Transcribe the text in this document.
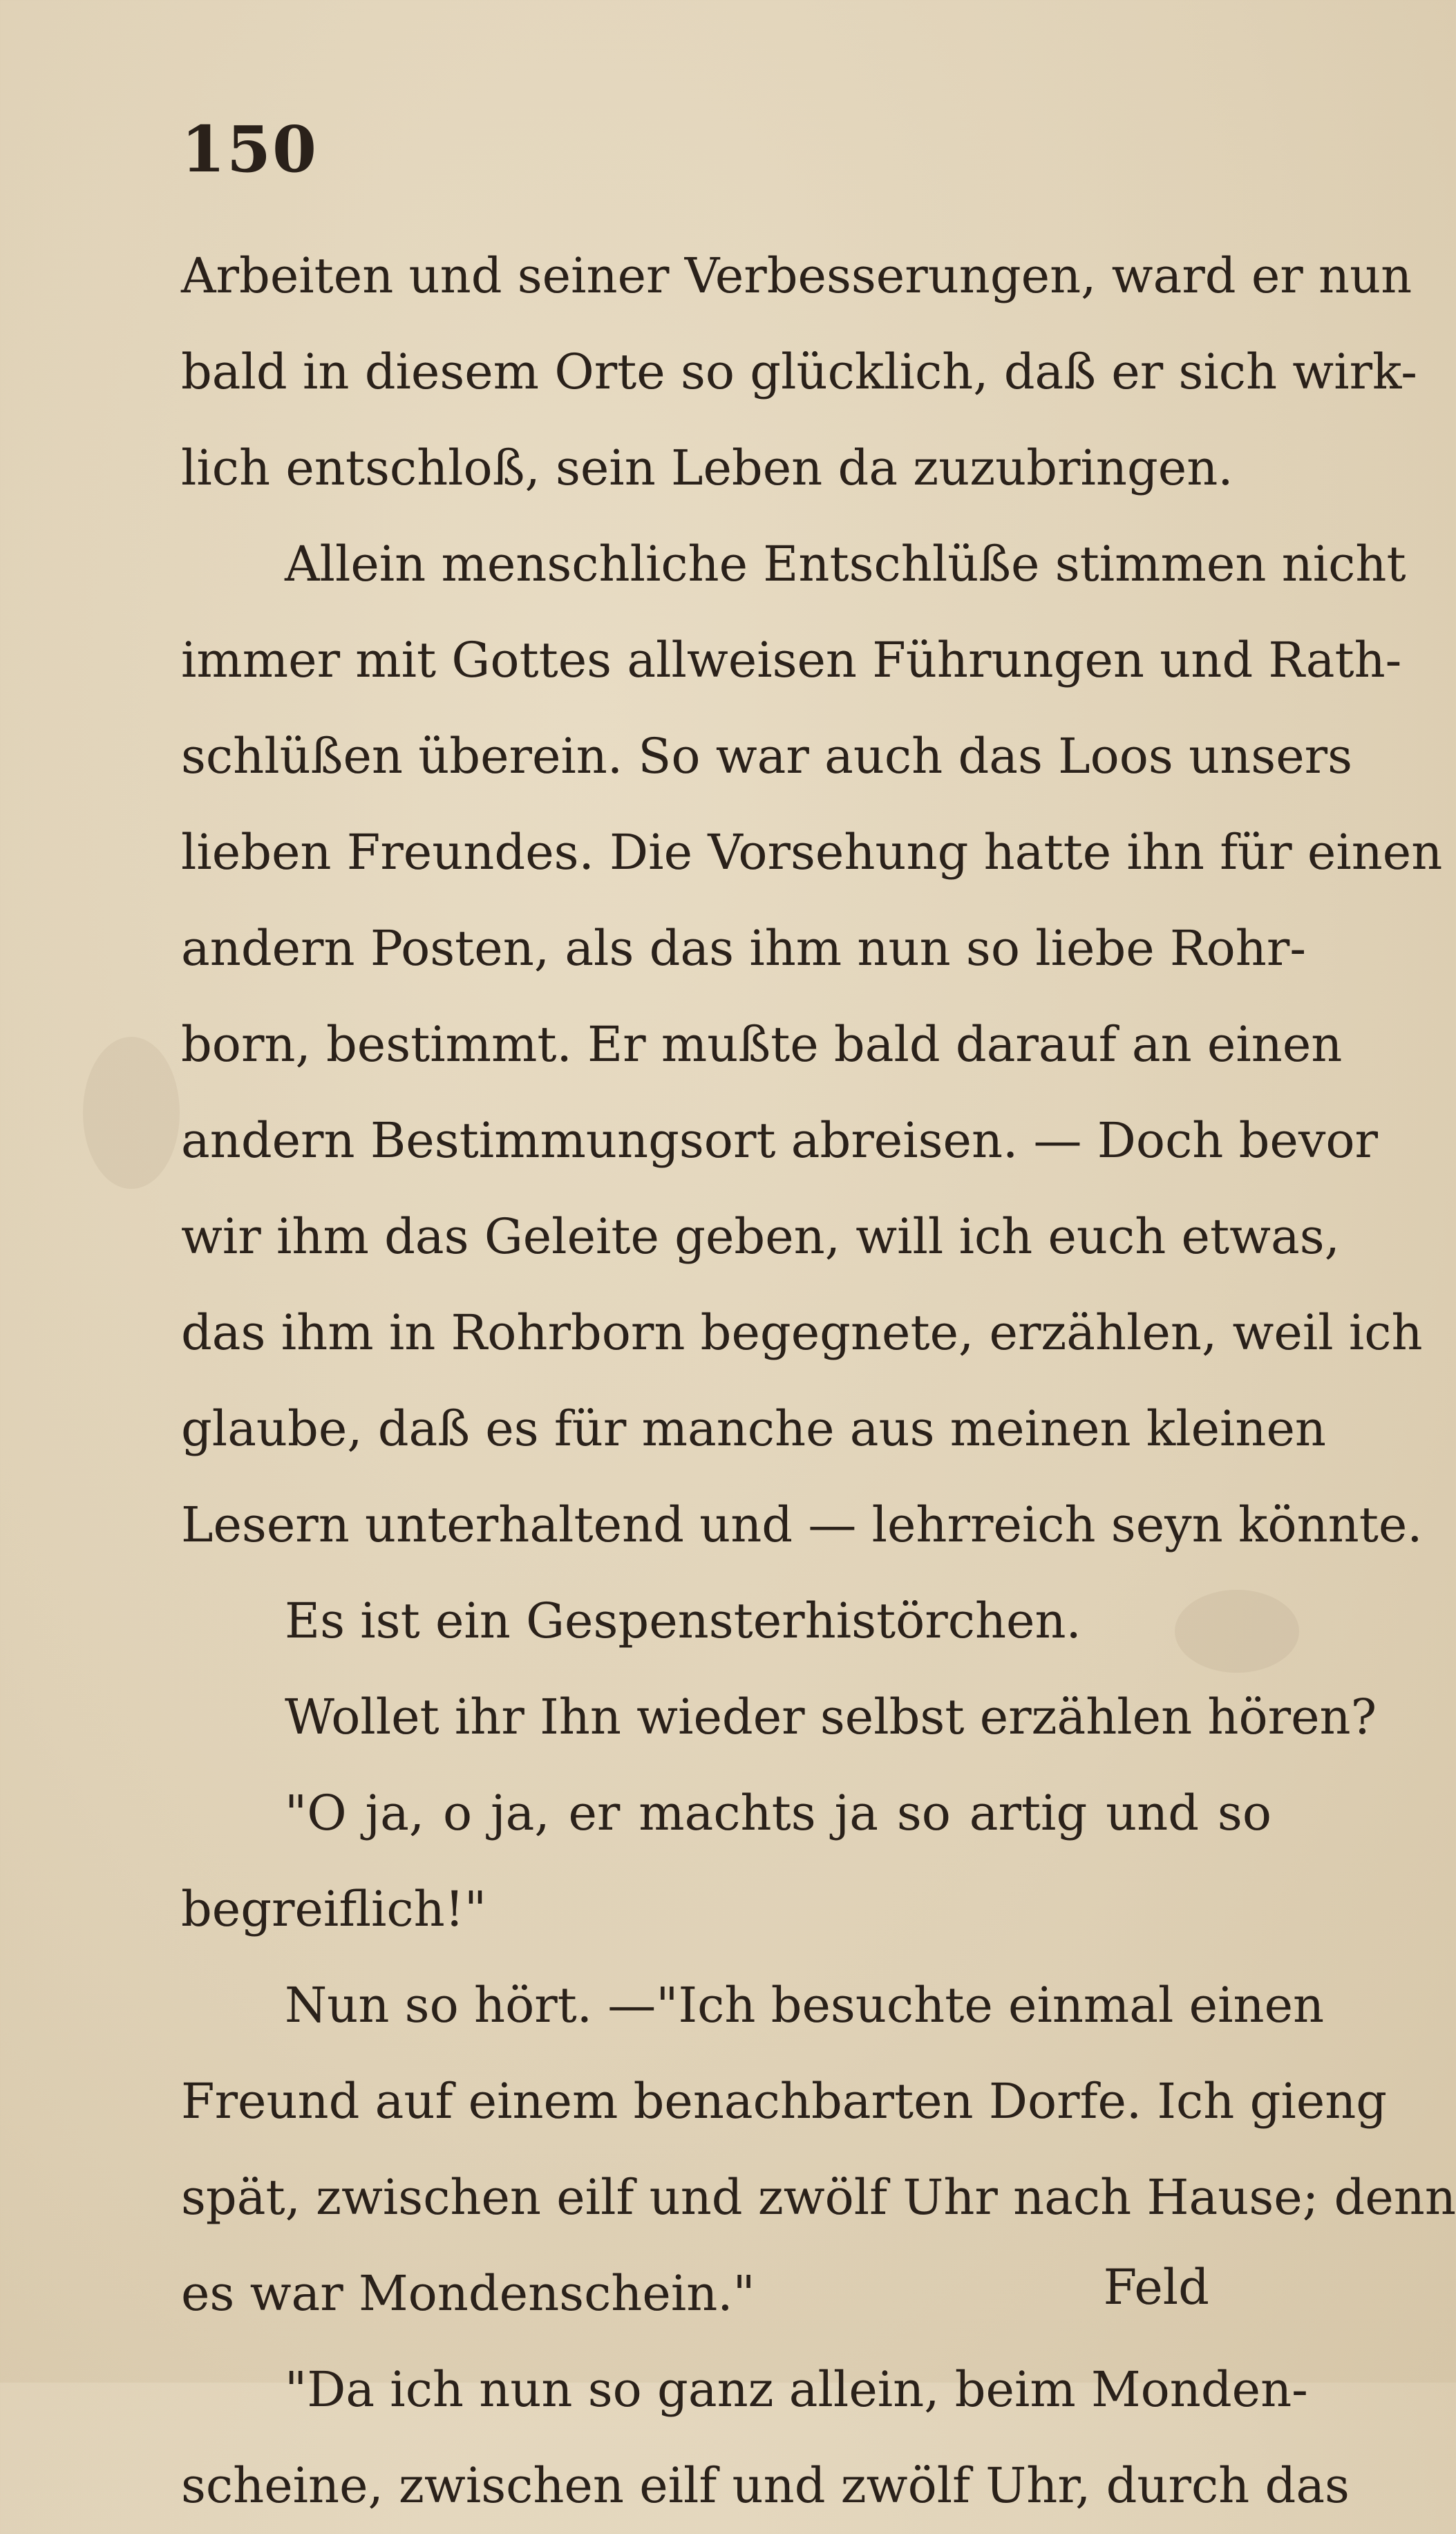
150
Arbeiten und seiner Verbesserungen, ward er nun
bald in diesem Orte so glücklich, daß er sich wirk-
lich entschloß, sein Leben da zuzubringen.
Allein menschliche Entschlüße stimmen nicht
immer mit Gottes allweisen Führungen und Rath-
schlüßen überein. So war auch das Loos unsers
lieben Freundes. Die Vorsehung hatte ihn für einen
andern Posten, als das ihm nun so liebe Rohr-
born, bestimmt. Er mußte bald darauf an einen
andern Bestimmungsort abreisen. — Doch bevor
wir ihm das Geleite geben, will ich euch etwas,
das ihm in Rohrborn begegnete, erzählen, weil ich
glaube, daß es für manche aus meinen kleinen
Lesern unterhaltend und — lehrreich seyn könnte.
Es ist ein Gespensterhistörchen.
Wollet ihr Ihn wieder selbst erzählen hören?
"O ja, o ja, er machts ja so artig und so
begreiflich!"
Nun so hört. —"Ich besuchte einmal einen
Freund auf einem benachbarten Dorfe. Ich gieng
spät, zwischen eilf und zwölf Uhr nach Hause; denn
es war Mondenschein."
"Da ich nun so ganz allein, beim Monden-
scheine, zwischen eilf und zwölf Uhr, durch das
Feld
